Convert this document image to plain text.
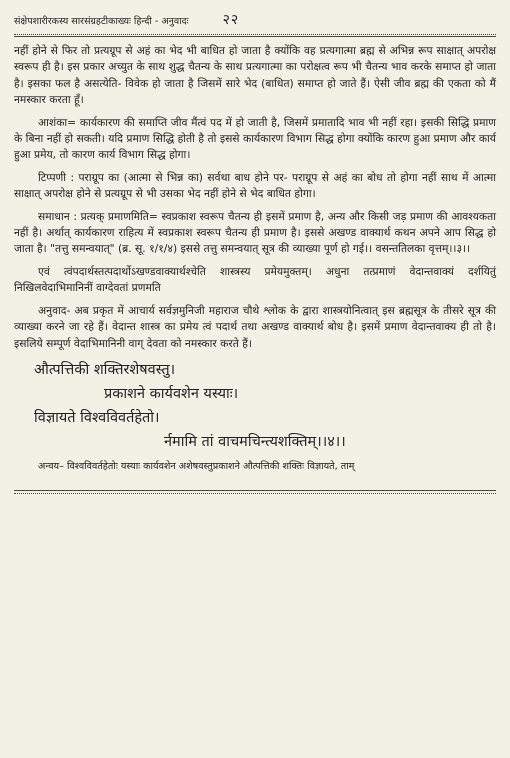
संक्षेपशारीरकस्य सारसंग्रहटीकाख्यः हिन्दी - अनुवादः २२

नहीं होने से फिर तो प्रत्यग्रूप से अहं का भेद भी बाधित हो जाता है क्योंकि वह प्रत्यगात्मा ब्रह्म से अभिन्न रूप साक्षात् अपरोक्ष स्वरूप ही है। इस प्रकार अच्युत के साथ शुद्ध चैतन्य के साथ प्रत्यगात्मा का परोक्षत्व रूप भी चैतन्य भाव करके समाप्त हो जाता है। इसका फल है असत्येति- विवेक हो जाता है जिसमें सारे भेद (बाधित) समाप्त हो जाते हैं। ऐसी जीव ब्रह्म की एकता को मैं नमस्कार करता हूँ।

आशंका= कार्यकारण की समाप्ति जीव मैंत्वं पद में हो जाती है, जिसमें प्रमातादि भाव भी नहीं रहा। इसकी सिद्धि प्रमाण के बिना नहीं हो सकती। यदि प्रमाण सिद्धि होती है तो इससे कार्यकारण विभाग सिद्ध होगा क्योंकि कारण हुआ प्रमाण और कार्य हुआ प्रमेय, तो कारण कार्य विभाग सिद्ध होगा।

टिप्पणी : पराग्रूप का (आत्मा से भिन्न का) सर्वथा बाध होने पर- पराग्रूप से अहं का बोध तो होगा नहीं साथ में आत्मा साक्षात् अपरोक्ष होने से प्रत्यग्रूप से भी उसका भेद नहीं होने से भेद बाधित होगा।

समाधान : प्रत्यक् प्रमाणमिति= स्वप्रकाश स्वरूप चैतन्य ही इसमें प्रमाण है, अन्य और किसी जड़ प्रमाण की आवश्यकता नहीं है। अर्थात् कार्यकारण राहित्य में स्वप्रकाश स्वरूप चैतन्य ही प्रमाण है। इससे अखण्ड वाक्यार्थ कथन अपने आप सिद्ध हो जाता है। "तत्तु समन्वयात्" (ब्र. सू. १/१/४) इससे तत्तु समन्वयात् सूत्र की व्याख्या पूर्ण हो गई।। वसन्ततिलका वृत्तम्।।३।।

एवं त्वंपदार्थस्तत्पदार्थोऽखण्डवाक्यार्थश्चेति शास्त्रस्य प्रमेयमुक्तम्। अधुना तत्प्रमाणं वेदान्तवाक्यं दर्शयितुं निखिलवेदाभिमानिनीं वाग्देवतां प्रणमति

अनुवाद- अब प्रकृत में आचार्य सर्वज्ञमुनिजी महाराज चौथे श्लोक के द्वारा शास्त्रयोनित्वात् इस ब्रह्मसूत्र के तीसरे सूत्र की व्याख्या करने जा रहे हैं। वेदान्त शास्त्र का प्रमेय त्वं पदार्थ तथा अखण्ड वाक्यार्थ बोध है। इसमें प्रमाण वेदान्तवाक्य ही तो है। इसलिये सम्पूर्ण वेदाभिमानिनी वाग् देवता को नमस्कार करते हैं।

औत्पत्तिकी शक्तिरशेषवस्तु।
प्रकाशने कार्यवशेन यस्याः।
विज्ञायते विश्वविवर्तहेतो।
र्नमामि तां वाचमचिन्त्यशक्तिम्।।४।।

अन्वय– विश्वविवर्तहेतोः यस्याः कार्यवशेन अशेषवस्तुप्रकाशने औत्पत्तिकी शक्तिः विज्ञायते, ताम्
